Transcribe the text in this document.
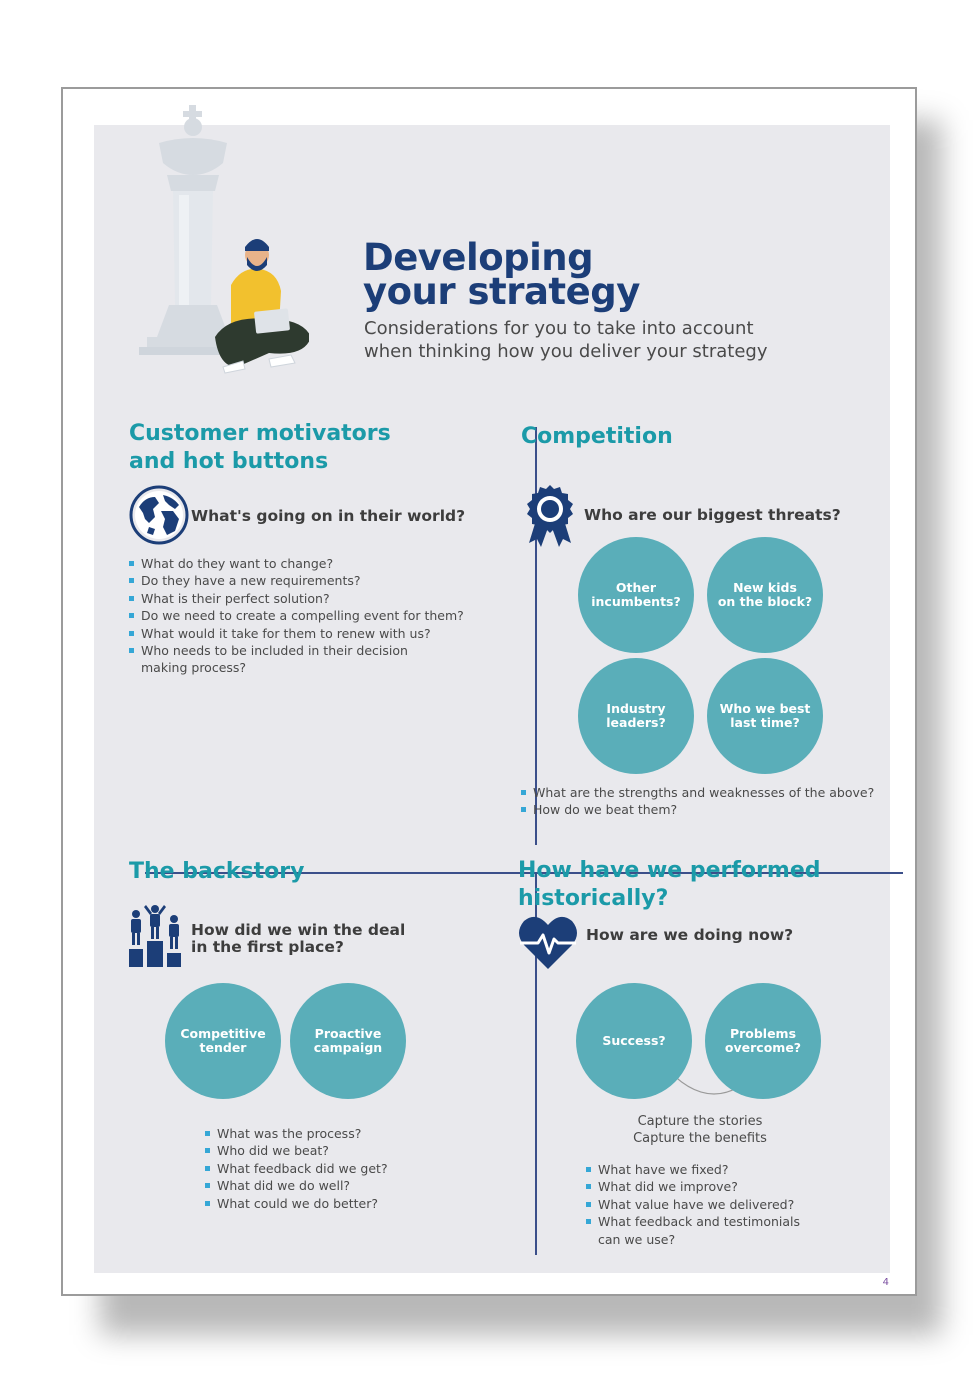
Developing
your strategy
Considerations for you to take into account
when thinking how you deliver your strategy
Customer motivators
and hot buttons
What's going on in their world?
What do they want to change?
Do they have a new requirements?
What is their perfect solution?
Do we need to create a compelling event for them?
What would it take for them to renew with us?
Who needs to be included in their decision making process?
Competition
Who are our biggest threats?
Other
incumbents?
New kids
on the block?
Industry
leaders?
Who we best
last time?
What are the strengths and weaknesses of the above?
How do we beat them?
The backstory
How did we win the deal
in the first place?
Competitive
tender
Proactive
campaign
What was the process?
Who did we beat?
What feedback did we get?
What did we do well?
What could we do better?
How have we performed
historically?
How are we doing now?
Success?	Problems
overcome?
Capture the stories
Capture the benefits
What have we fixed?
What did we improve?
What value have we delivered?
What feedback and testimonials can we use?
4
